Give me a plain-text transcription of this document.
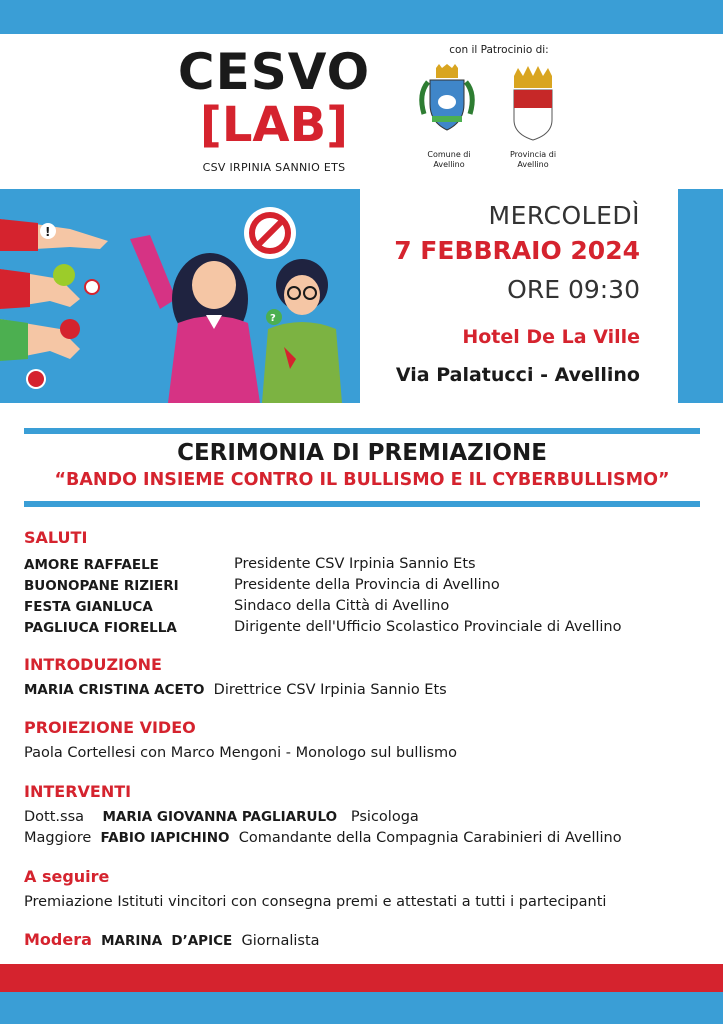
CESVO
[LAB]
CSV IRPINIA SANNIO ETS
con il Patrocinio di:
Comune di
Avellino
Provincia di
Avellino
!
?
MERCOLEDÌ
7 FEBBRAIO 2024
ORE 09:30
Hotel De La Ville
Via Palatucci - Avellino
CERIMONIA DI PREMIAZIONE
“BANDO INSIEME CONTRO IL BULLISMO E IL CYBERBULLISMO”
SALUTI
AMORE RAFFAELE	Presidente CSV Irpinia Sannio Ets
BUONOPANE RIZIERI	Presidente della Provincia di Avellino
FESTA GIANLUCA	Sindaco della Città di Avellino
PAGLIUCA FIORELLA	Dirigente dell'Ufficio Scolastico Provinciale di Avellino
INTRODUZIONE
MARIA CRISTINA ACETO Direttrice CSV Irpinia Sannio Ets
PROIEZIONE VIDEO
Paola Cortellesi con Marco Mengoni - Monologo sul bullismo
INTERVENTI
Dott.ssa MARIA GIOVANNA PAGLIARULO Psicologa
Maggiore FABIO IAPICHINO Comandante della Compagnia Carabinieri di Avellino
A seguire
Premiazione Istituti vincitori con consegna premi e attestati a tutti i partecipanti
Modera MARINA D’APICE Giornalista
